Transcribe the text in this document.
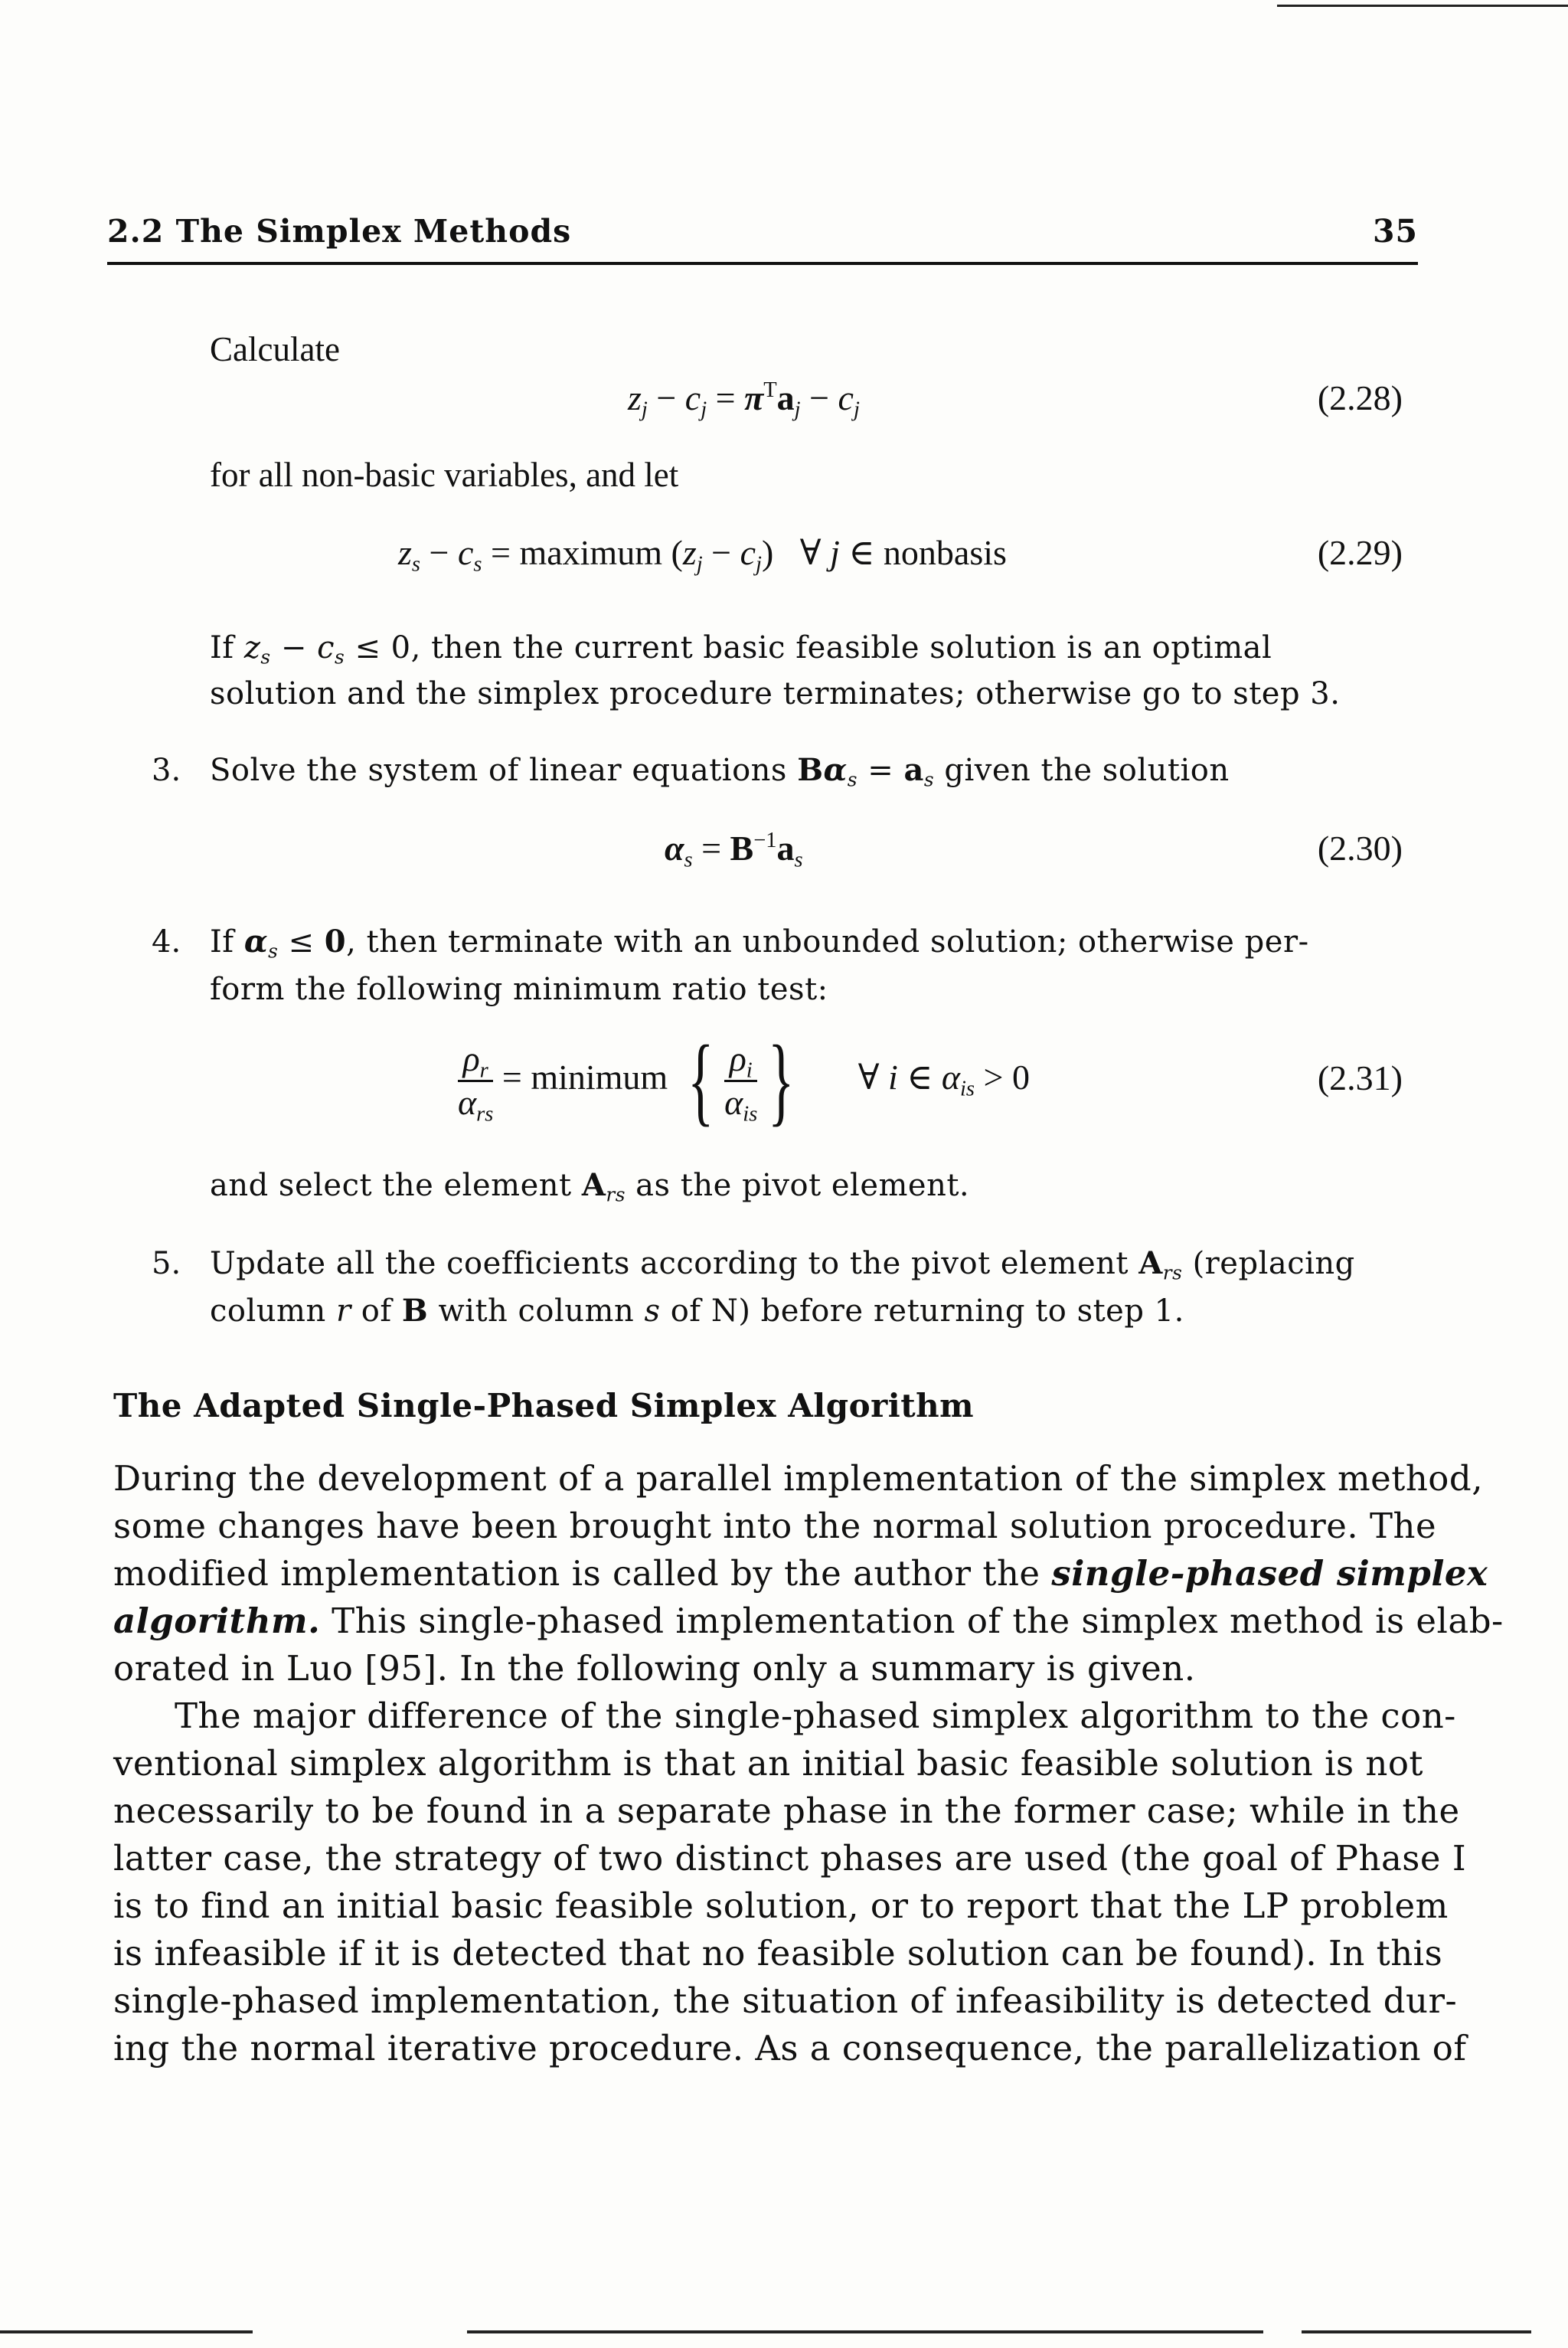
2.2 The Simplex Methods	35
Calculate
$z_j - c_j = \pi^Ta_j - c_j$	(2.28)
for all non-basic variables, and let
$z_s - c_s$ = maximum $(z_j - c_j)$   ∀ j ∈ nonbasis	(2.29)
If $z_s - c_s \le 0$, then the current basic feasible solution is an optimal
solution and the simplex procedure terminates; otherwise go to step 3.
3. Solve the system of linear equations $B\alpha_s = a_s$ given the solution
$\alpha_s = B^{-1}a_s$	(2.30)
4. If $\alpha_s \le 0$, then terminate with an unbounded solution; otherwise per-
form the following minimum ratio test:
$\frac{\rho_r}{\alpha_{rs}}$ = minimum { $\frac{\rho_i}{\alpha_{is}}$ }      ∀ i ∈ $\alpha_{is} > 0$	(2.31)
and select the element $A_{rs}$ as the pivot element.
5. Update all the coefficients according to the pivot element $A_{rs}$ (replacing
column r of B with column s of N) before returning to step 1.
The Adapted Single-Phased Simplex Algorithm
During the development of a parallel implementation of the simplex method,
some changes have been brought into the normal solution procedure. The
modified implementation is called by the author the single-phased simplex
algorithm. This single-phased implementation of the simplex method is elab-
orated in Luo [95]. In the following only a summary is given.
The major difference of the single-phased simplex algorithm to the con-
ventional simplex algorithm is that an initial basic feasible solution is not
necessarily to be found in a separate phase in the former case; while in the
latter case, the strategy of two distinct phases are used (the goal of Phase I
is to find an initial basic feasible solution, or to report that the LP problem
is infeasible if it is detected that no feasible solution can be found). In this
single-phased implementation, the situation of infeasibility is detected dur-
ing the normal iterative procedure. As a consequence, the parallelization of
